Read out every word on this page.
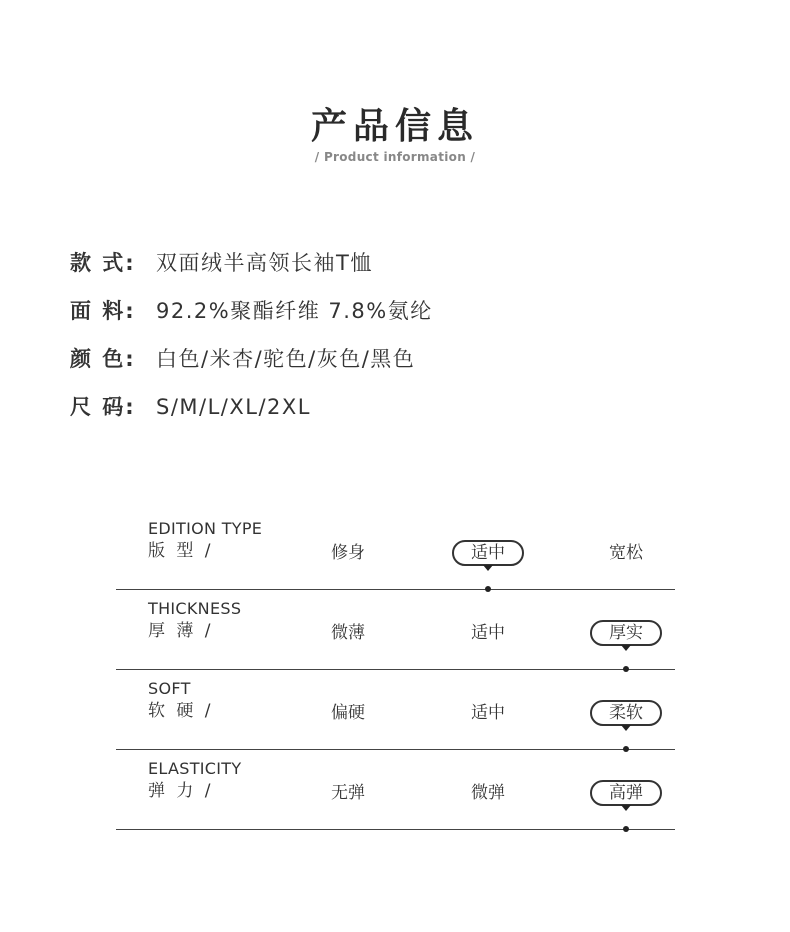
产品信息
/ Product information /
款 式: 双面绒半高领长袖T恤
面 料: 92.2%聚酯纤维 7.8%氨纶
颜 色: 白色/米杏/驼色/灰色/黑色
尺 码: S/M/L/XL/2XL
EDITION TYPE
版 型 /	修身	适中	宽松
THICKNESS
厚 薄 /	微薄	适中	厚实
SOFT
软 硬 /	偏硬	适中	柔软
ELASTICITY
弹 力 /	无弹	微弹	高弹
